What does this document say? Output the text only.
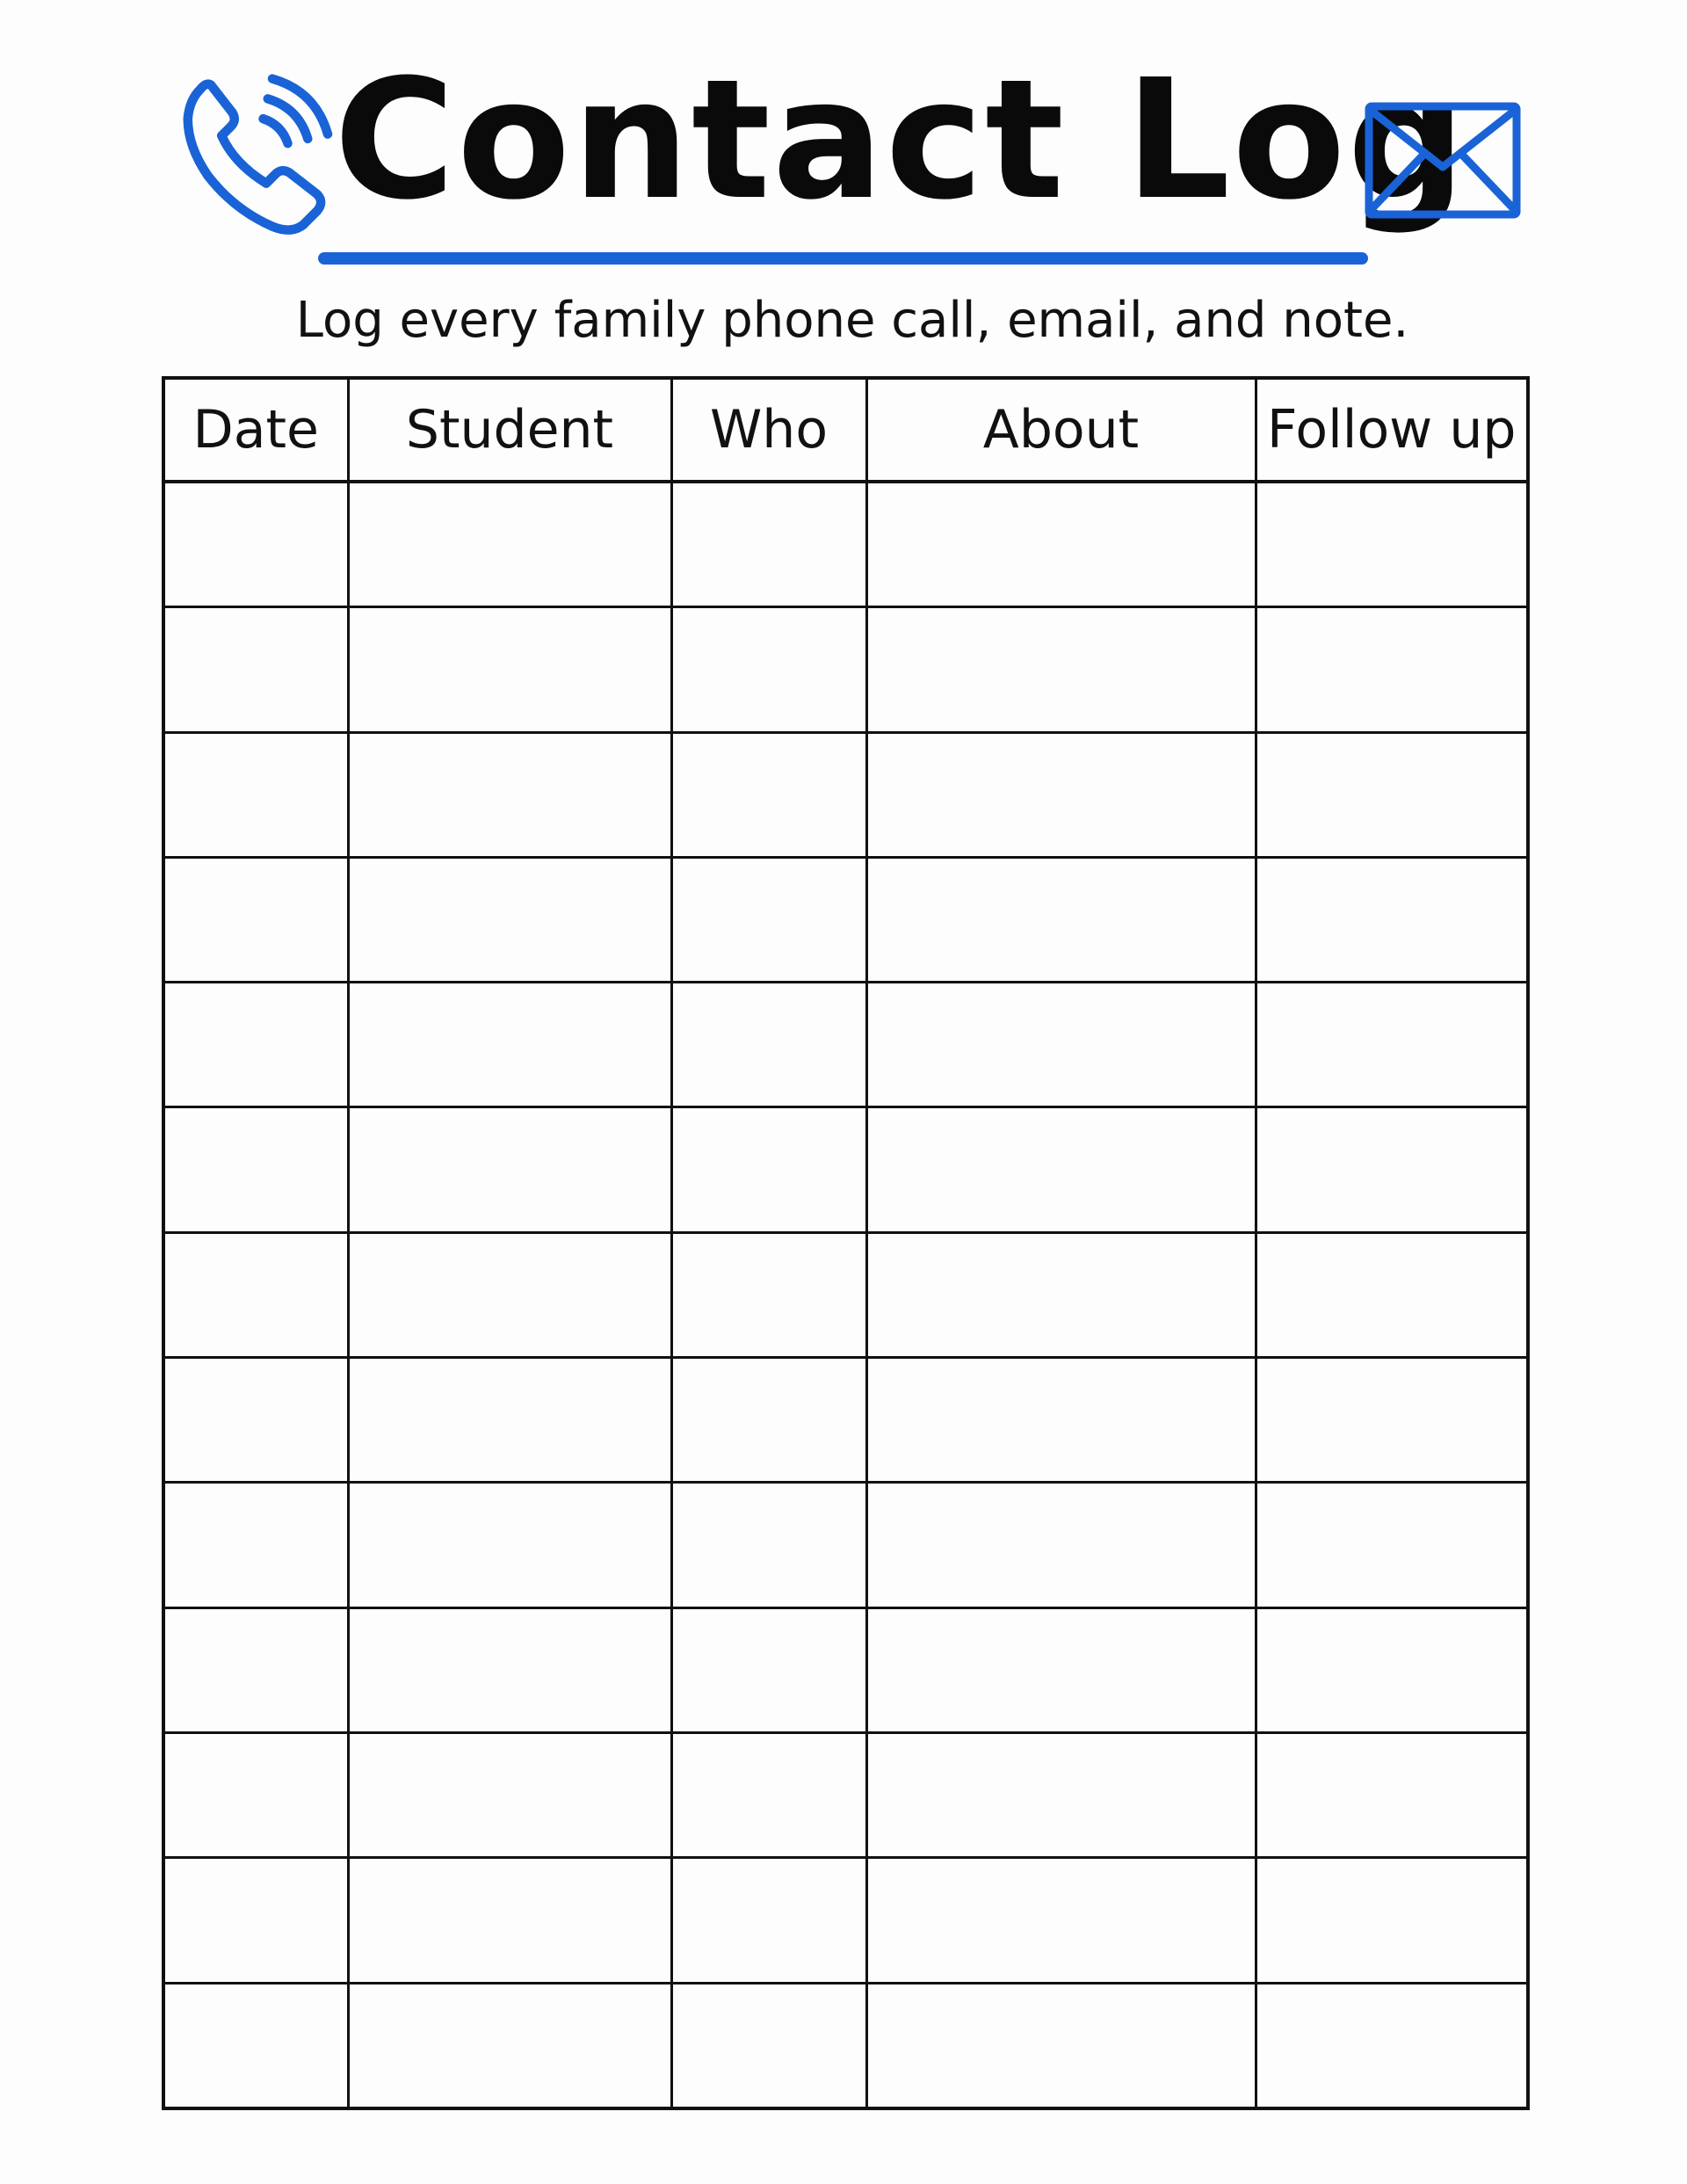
Contact Log
Log every family phone call, email, and note.
Date	Student	Who	About	Follow up
